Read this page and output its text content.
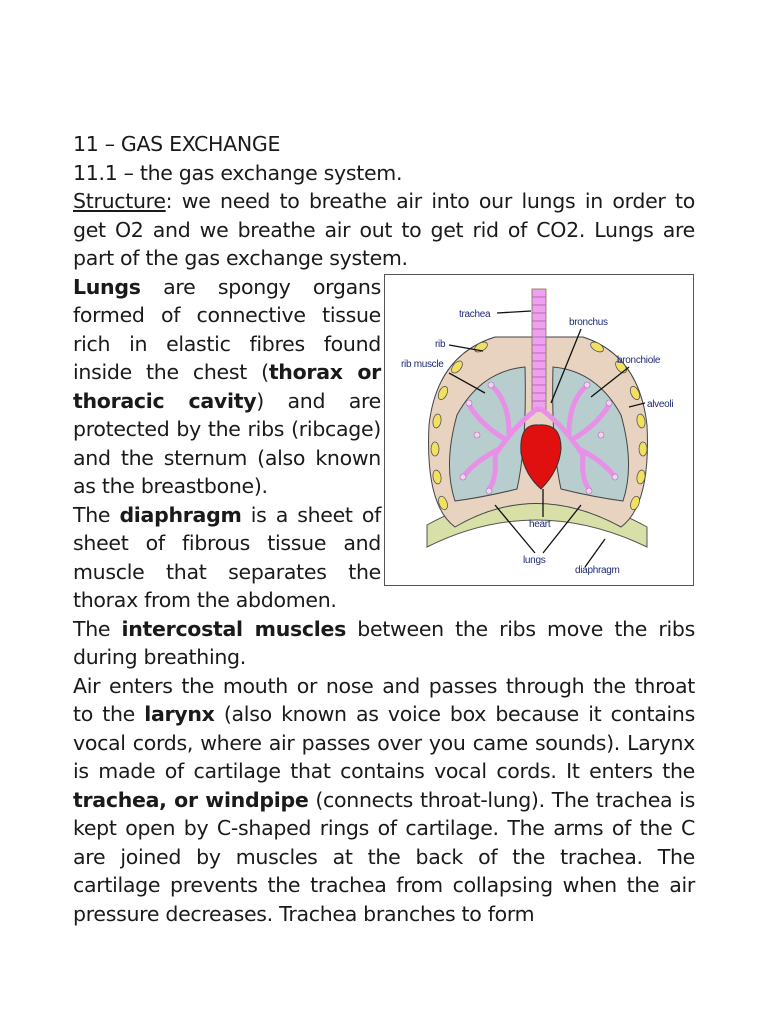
11 – GAS EXCHANGE

11.1 – the gas exchange system.

Structure: we need to breathe air into our lungs in order to get O2 and we breathe air out to get rid of CO2. Lungs are part of the gas exchange system.

Lungs are spongy organs formed of connective tissue rich in elastic fibres found inside the chest (thorax or thoracic cavity) and are protected by the ribs (ribcage) and the sternum (also known as the breastbone).

The diaphragm is a sheet of sheet of fibrous tissue and muscle that separates the thorax from the abdomen.

trachea
bronchus
rib
rib muscle	bronchiole
alveoli
heart
lungs
diaphragm

The intercostal muscles between the ribs move the ribs during breathing.

Air enters the mouth or nose and passes through the throat to the larynx (also known as voice box because it contains vocal cords, where air passes over you came sounds). Larynx is made of cartilage that contains vocal cords. It enters the trachea, or windpipe (connects throat-lung). The trachea is kept open by C-shaped rings of cartilage. The arms of the C are joined by muscles at the back of the trachea. The cartilage prevents the trachea from collapsing when the air pressure decreases. Trachea branches to form
